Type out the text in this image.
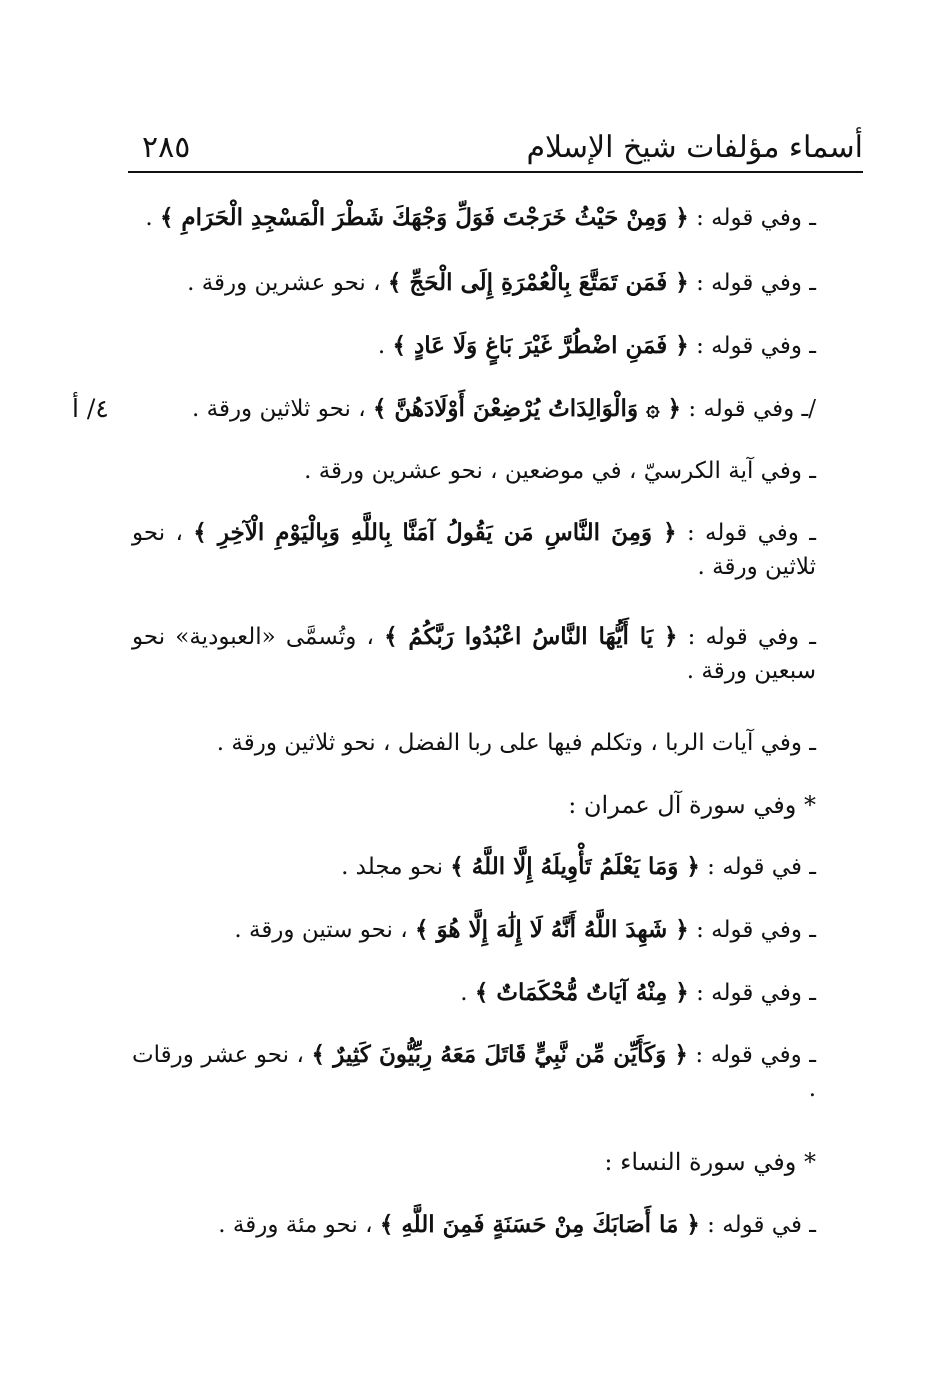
أسماء مؤلفات شيخ الإسلام
٢٨٥
٤/ أ
ـ وفي قوله : ﴿ وَمِنْ حَيْثُ خَرَجْتَ فَوَلِّ وَجْهَكَ شَطْرَ الْمَسْجِدِ الْحَرَامِ ﴾ .
ـ وفي قوله : ﴿ فَمَن تَمَتَّعَ بِالْعُمْرَةِ إِلَى الْحَجِّ ﴾ ، نحو عشرين ورقة .
ـ وفي قوله : ﴿ فَمَنِ اضْطُرَّ غَيْرَ بَاغٍ وَلَا عَادٍ ﴾ .
/ـ وفي قوله : ﴿ ۞ وَالْوَالِدَاتُ يُرْضِعْنَ أَوْلَادَهُنَّ ﴾ ، نحو ثلاثين ورقة .
ـ وفي آية الكرسيّ ، في موضعين ، نحو عشرين ورقة .
ـ وفي قوله : ﴿ وَمِنَ النَّاسِ مَن يَقُولُ آمَنَّا بِاللَّهِ وَبِالْيَوْمِ الْآخِرِ ﴾ ، نحو ثلاثين ورقة .
ـ وفي قوله : ﴿ يَا أَيُّهَا النَّاسُ اعْبُدُوا رَبَّكُمُ ﴾ ، وتُسمَّى «العبودية» نحو سبعين ورقة .
ـ وفي آيات الربا ، وتكلم فيها على ربا الفضل ، نحو ثلاثين ورقة .
* وفي سورة آل عمران :
ـ في قوله : ﴿ وَمَا يَعْلَمُ تَأْوِيلَهُ إِلَّا اللَّهُ ﴾ نحو مجلد .
ـ وفي قوله : ﴿ شَهِدَ اللَّهُ أَنَّهُ لَا إِلَٰهَ إِلَّا هُوَ ﴾ ، نحو ستين ورقة .
ـ وفي قوله : ﴿ مِنْهُ آيَاتٌ مُّحْكَمَاتٌ ﴾ .
ـ وفي قوله : ﴿ وَكَأَيِّن مِّن نَّبِيٍّ قَاتَلَ مَعَهُ رِبِّيُّونَ كَثِيرٌ ﴾ ، نحو عشر ورقات .
* وفي سورة النساء :
ـ في قوله : ﴿ مَا أَصَابَكَ مِنْ حَسَنَةٍ فَمِنَ اللَّهِ ﴾ ، نحو مئة ورقة .
